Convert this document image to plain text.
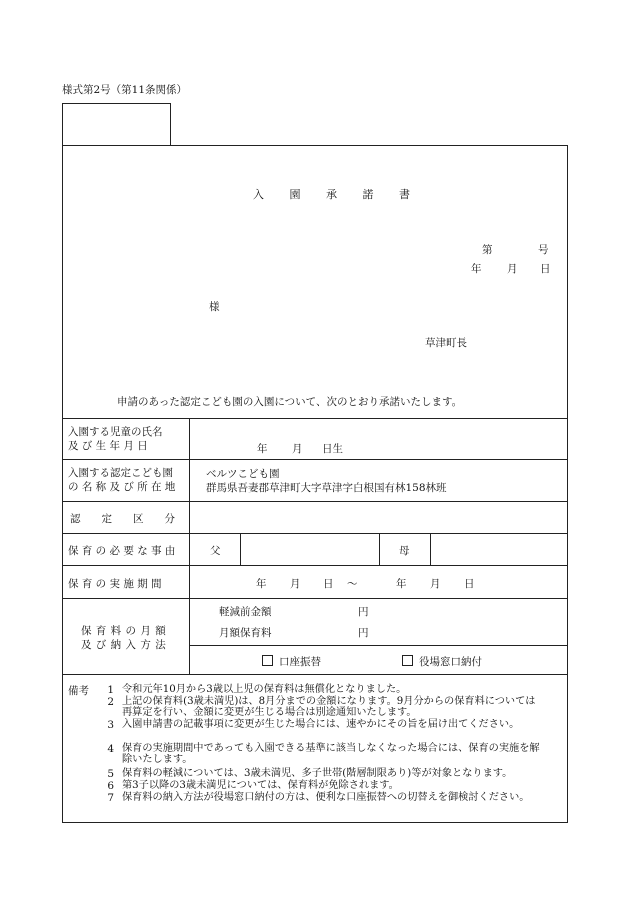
様式第2号（第11条関係）
入 園 承 諾 書
第	号
年 月 日
様
草津町長
申請のあった認定こども園の入園について、次のとおり承諾いたします。
入園する児童の氏名
及 び 生 年 月 日	年 月 日生
入園する認定こども園
の 名 称 及 び 所 在 地
ベルツこども園
群馬県吾妻郡草津町大字草津字白根国有林158林班
認　　定　　区　　分
保 育 の 必 要 な 事 由	父	母
保 育 の 実 施 期 間	年 月 日 〜	年 月 日
保 育 料 の 月 額
及 び 納 入 方 法
軽減前金額	円
月額保育料	円
口座振替	役場窓口納付
備考	1 令和元年10月から3歳以上児の保育料は無償化となりました。
2 上記の保育料(3歳未満児)は、8月分までの金額になります。9月分からの保育料については再算定を行い、金額に変更が生じる場合は別途通知いたします。
3 入園申請書の記載事項に変更が生じた場合には、速やかにその旨を届け出てください。
4 保育の実施期間中であっても入園できる基準に該当しなくなった場合には、保育の実施を解除いたします。
5 保育料の軽減については、3歳未満児、多子世帯(階層制限あり)等が対象となります。
6 第3子以降の3歳未満児については、保育料が免除されます。
7 保育料の納入方法が役場窓口納付の方は、便利な口座振替への切替えを御検討ください。
